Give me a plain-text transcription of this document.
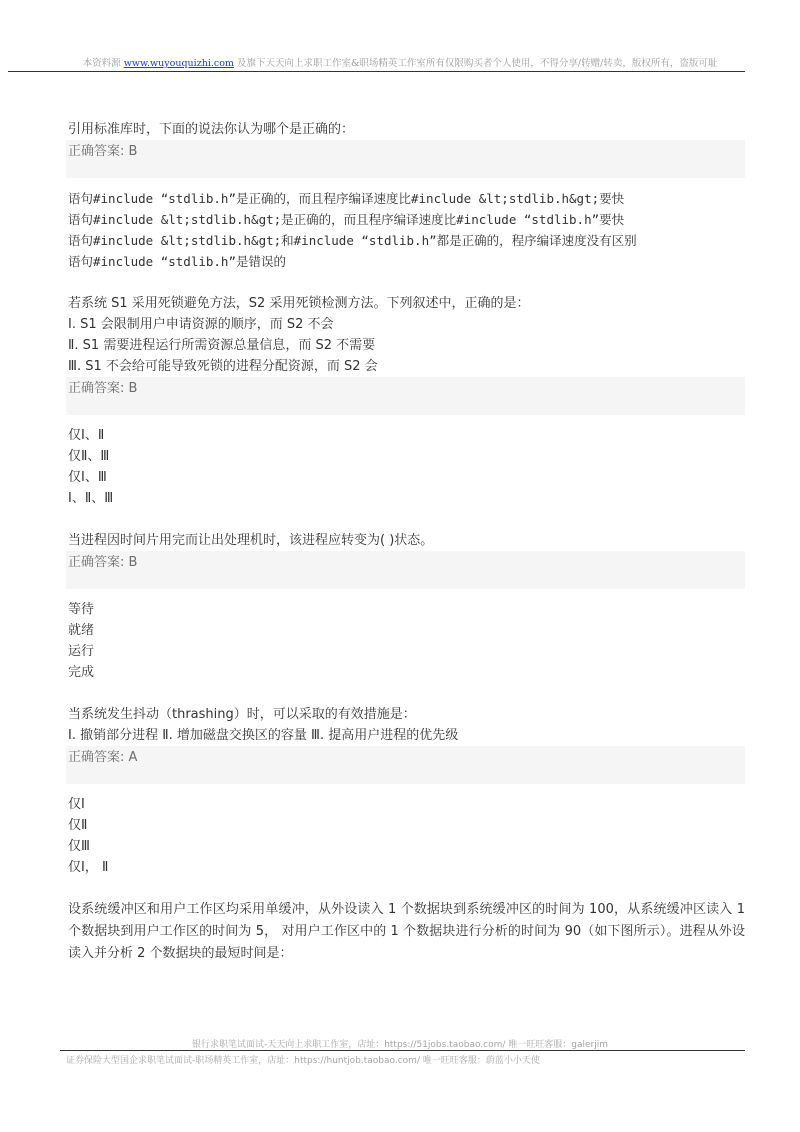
本资料源 www.wuyouquizhi.com 及旗下天天向上求职工作室&职场精英工作室所有仅限购买者个人使用，不得分享/转赠/转卖，版权所有，盗版可耻
引用标准库时，下面的说法你认为哪个是正确的：
正确答案: B
语句#include “stdlib.h”是正确的，而且程序编译速度比#include &lt;stdlib.h&gt;要快
语句#include &lt;stdlib.h&gt;是正确的，而且程序编译速度比#include “stdlib.h”要快
语句#include &lt;stdlib.h&gt;和#include “stdlib.h”都是正确的，程序编译速度没有区别
语句#include “stdlib.h”是错误的
若系统 S1 采用死锁避免方法，S2 采用死锁检测方法。下列叙述中，正确的是：
Ⅰ. S1 会限制用户申请资源的顺序，而 S2 不会
Ⅱ. S1 需要进程运行所需资源总量信息，而 S2 不需要
Ⅲ. S1 不会给可能导致死锁的进程分配资源，而 S2 会
正确答案: B
仅Ⅰ、Ⅱ
仅Ⅱ、Ⅲ
仅Ⅰ、Ⅲ
Ⅰ、Ⅱ、Ⅲ
当进程因时间片用完而让出处理机时，该进程应转变为( )状态。
正确答案: B
等待
就绪
运行
完成
当系统发生抖动（thrashing）时，可以采取的有效措施是：
Ⅰ. 撤销部分进程 Ⅱ. 增加磁盘交换区的容量 Ⅲ. 提高用户进程的优先级
正确答案: A
仅Ⅰ
仅Ⅱ
仅Ⅲ
仅Ⅰ， Ⅱ
设系统缓冲区和用户工作区均采用单缓冲，从外设读入 1 个数据块到系统缓冲区的时间为 100，从系统缓冲区读入 1 个数据块到用户工作区的时间为 5， 对用户工作区中的 1 个数据块进行分析的时间为 90（如下图所示）。进程从外设读入并分析 2 个数据块的最短时间是：
银行求职笔试面试-天天向上求职工作室，店址：https://51jobs.taobao.com/ 唯一旺旺客服：galerjim
证券保险大型国企求职笔试面试-职场精英工作室，店址：https://huntjob.taobao.com/ 唯一旺旺客服：蔚蓝小小天使
